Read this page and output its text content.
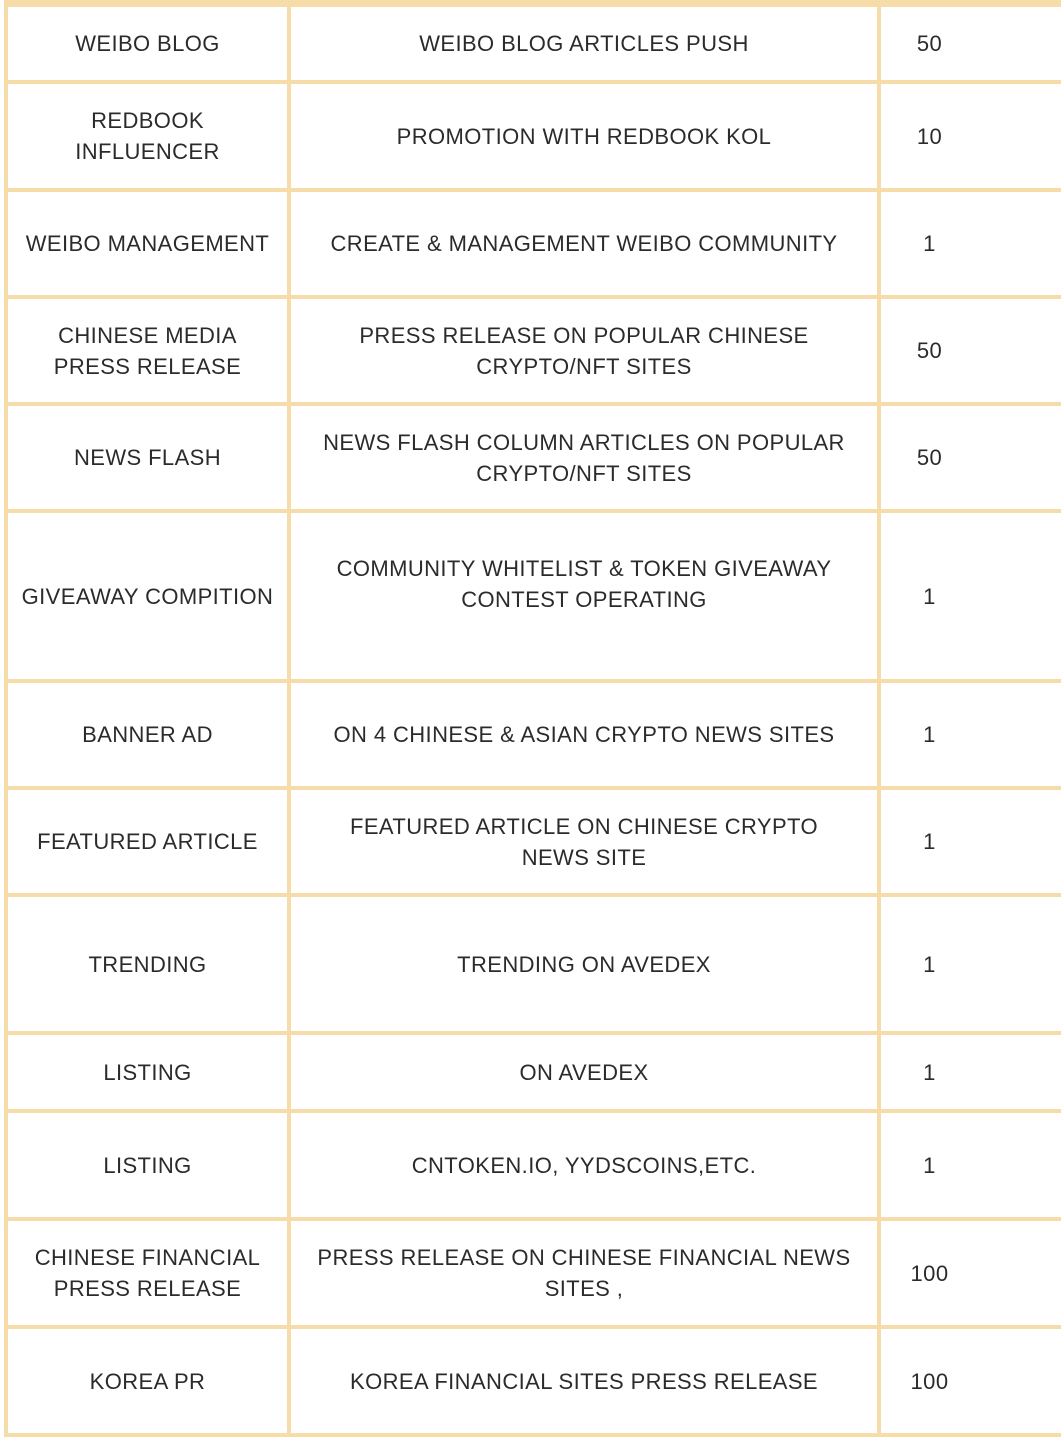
WEIBO BLOG	WEIBO BLOG ARTICLES PUSH	50
REDBOOK INFLUENCER	PROMOTION WITH REDBOOK KOL	10
WEIBO MANAGEMENT	CREATE & MANAGEMENT WEIBO COMMUNITY	1
CHINESE MEDIA PRESS RELEASE	PRESS RELEASE ON POPULAR CHINESE CRYPTO/NFT SITES	50
NEWS FLASH	NEWS FLASH COLUMN ARTICLES ON POPULAR CRYPTO/NFT SITES	50
GIVEAWAY COMPITION	COMMUNITY WHITELIST & TOKEN GIVEAWAY CONTEST OPERATING	1
BANNER AD	ON 4 CHINESE & ASIAN CRYPTO NEWS SITES	1
FEATURED ARTICLE	FEATURED ARTICLE ON CHINESE CRYPTO NEWS SITE	1
TRENDING	TRENDING ON AVEDEX	1
LISTING	ON AVEDEX	1
LISTING	CNTOKEN.IO, YYDSCOINS,ETC.	1
CHINESE FINANCIAL PRESS RELEASE	PRESS RELEASE ON CHINESE FINANCIAL NEWS SITES ,	100
KOREA PR	KOREA FINANCIAL SITES PRESS RELEASE	100
